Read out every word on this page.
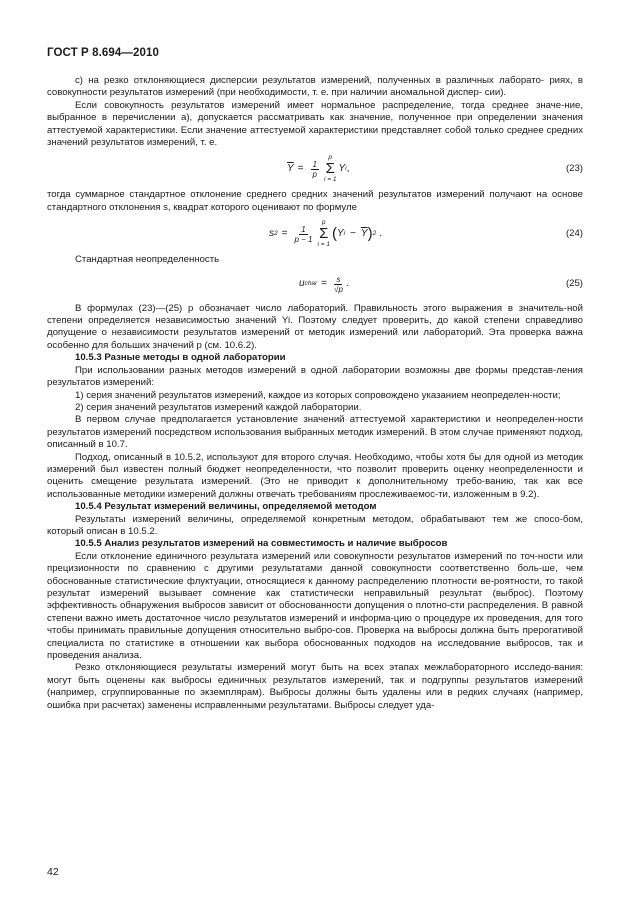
ГОСТ Р 8.694—2010

с) на резко отклоняющиеся дисперсии результатов измерений, полученных в различных лаборато- риях, в совокупности результатов измерений (при необходимости, т. е. при наличии аномальной диспер- сии).

Если совокупность результатов измерений имеет нормальное распределение, тогда среднее значе-ние, выбранное в перечислении а), допускается рассматривать как значение, полученное при определении значения аттестуемой характеристики. Если значение аттестуемой характеристики представляет собой только среднее средних значений результатов измерений, т. е.

$\overline{Y} = \frac{1}{p}$
p
Σ
i = 1
Y i ,	(23)

тогда суммарное стандартное отклонение среднего средних значений результатов измерений получают на основе стандартного отклонения s, квадрат которого оценивают по формуле

s $2 = \frac{1}{p - 1}$
p
Σ
i = 1
( Y $i - \overline{Y}$ ) 2 .	(24)

Стандартная неопределенность

u char = $\frac{s}{√p}$ .	(25)

В формулах (23)—(25) p обозначает число лабораторий. Правильность этого выражения в значитель-ной степени определяется независимостью значений Yi. Поэтому следует проверить, до какой степени справедливо допущение о независимости результатов измерений от методик измерений или лабораторий. Эта проверка важна особенно для больших значений p (см. 10.6.2).

10.5.3 Разные методы в одной лаборатории

При использовании разных методов измерений в одной лаборатории возможны две формы представ-ления результатов измерений:

1) серия значений результатов измерений, каждое из которых сопровождено указанием неопределен-ности;

2) серия значений результатов измерений каждой лаборатории.

В первом случае предполагается установление значений аттестуемой характеристики и неопределен-ности результатов измерений посредством использования выбранных методик измерений. В этом случае применяют подход, описанный в 10.7.

Подход, описанный в 10.5.2, используют для второго случая. Необходимо, чтобы хотя бы для одной из методик измерений был известен полный бюджет неопределенности, что позволит проверить оценку неопределенности и оценить смещение результата измерений. (Это не приводит к дополнительному требо-ванию, так как все использованные методики измерений должны отвечать требованиям прослеживаемос-ти, изложенным в 9.2).

10.5.4 Результат измерений величины, определяемой методом

Результаты измерений величины, определяемой конкретным методом, обрабатывают тем же спосо-бом, который описан в 10.5.2.

10.5.5 Анализ результатов измерений на совместимость и наличие выбросов

Если отклонение единичного результата измерений или совокупности результатов измерений по точ-ности или прецизионности по сравнению с другими результатами данной совокупности соответственно боль-ше, чем обоснованные статистические флуктуации, относящиеся к данному распределению плотности ве-роятности, то такой результат измерений вызывает сомнение как статистически неправильный результат (выброс). Поэтому эффективность обнаружения выбросов зависит от обоснованности допущения о плотно-сти распределения. В равной степени важно иметь достаточное число результатов измерений и информа-цию о процедуре их проведения, для того чтобы принимать правильные допущения относительно выбро-сов. Проверка на выбросы должна быть прерогативой специалиста по статистике в отношении как выбора обоснованных подходов на исследование выбросов, так и проведения анализа.

Резко отклоняющиеся результаты измерений могут быть на всех этапах межлабораторного исследо-вания: могут быть оценены как выбросы единичных результатов измерений, так и подгруппы результатов измерений (например, сгруппированные по экземплярам). Выбросы должны быть удалены или в редких случаях (например, ошибка при расчетах) заменены исправленными результатами. Выбросы следует уда-

42
